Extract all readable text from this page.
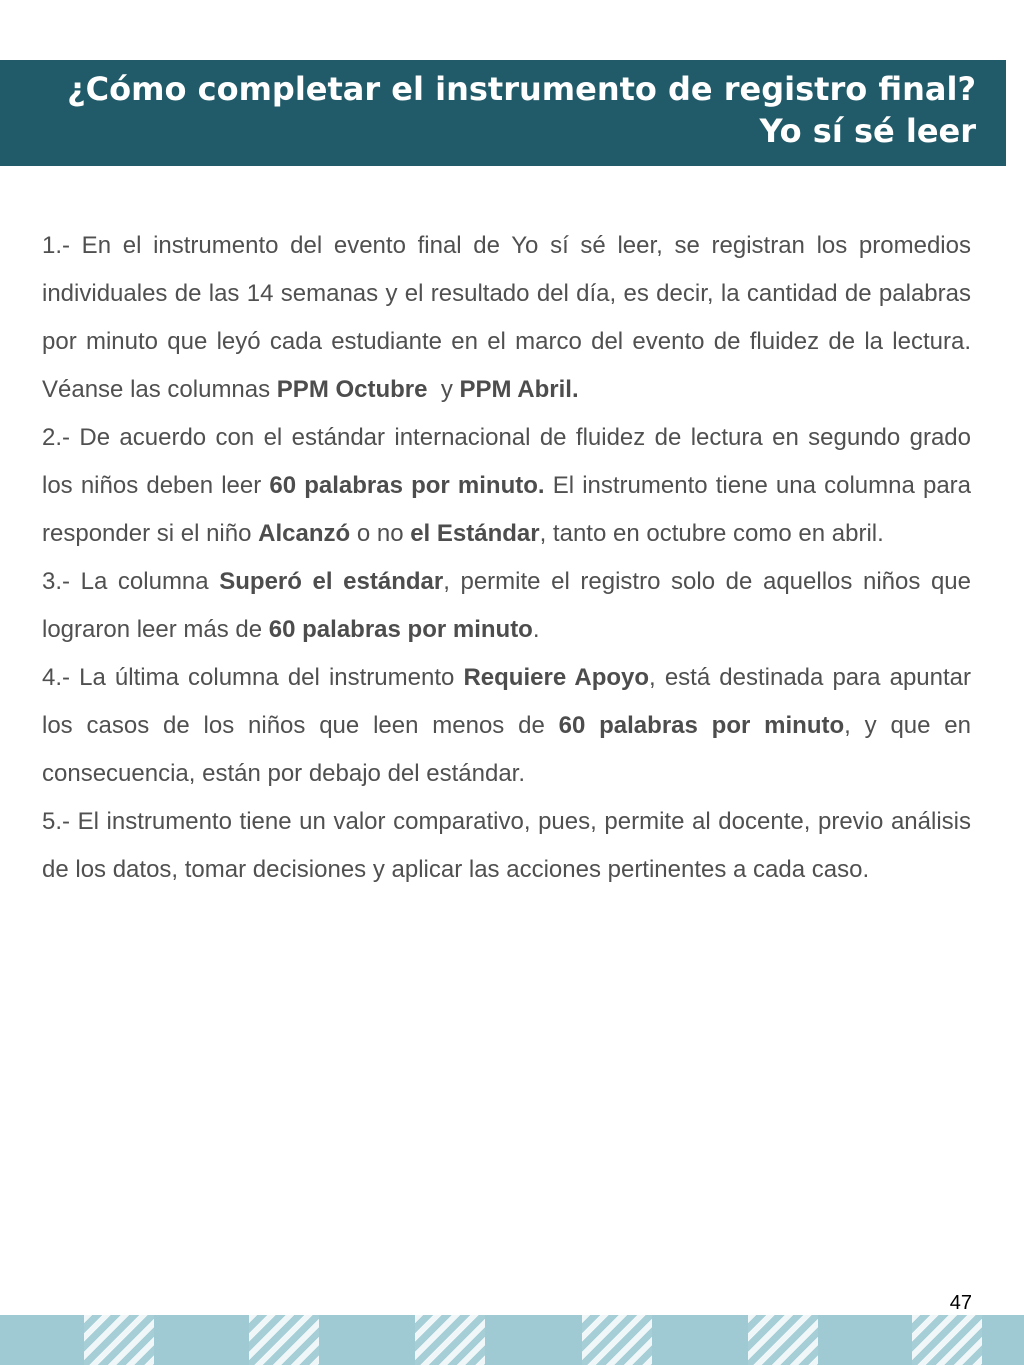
¿Cómo completar el instrumento de registro final?
Yo sí sé leer

1.- En el instrumento del evento final de Yo sí sé leer, se registran los promedios individuales de las 14 semanas y el resultado del día, es decir, la cantidad de palabras por minuto que leyó cada estudiante en el marco del evento de fluidez de la lectura. Véanse las columnas PPM Octubre  y PPM Abril.

2.- De acuerdo con el estándar internacional de fluidez de lectura en segundo grado los niños deben leer 60 palabras por minuto. El instrumento tiene una columna para responder si el niño Alcanzó o no el Estándar, tanto en octubre como en abril.

3.- La columna Superó el estándar, permite el registro solo de aquellos niños que lograron leer más de 60 palabras por minuto.

4.- La última columna del instrumento Requiere Apoyo, está destinada para apuntar los casos de los niños que leen menos de 60 palabras por minuto, y que en consecuencia, están por debajo del estándar.

5.- El instrumento tiene un valor comparativo, pues, permite al docente, previo análisis de los datos, tomar decisiones y aplicar las acciones pertinentes a cada caso.

47
